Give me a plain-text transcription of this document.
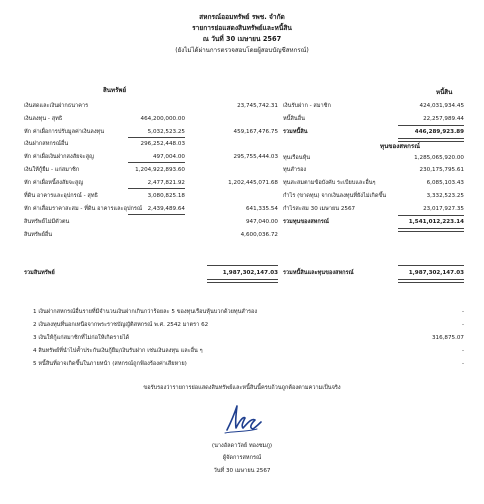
สหกรณ์ออมทรัพย์ รพช. จำกัด
รายการย่อแสดงสินทรัพย์และหนี้สิน
ณ วันที่ 30 เมษายน 2567
(ยังไม่ได้ผ่านการตรวจสอบโดยผู้สอบบัญชีสหกรณ์)
สินทรัพย์	หนี้สิน
เงินสดและเงินฝากธนาคาร	23,745,742.31
เงินลงทุน - สุทธิ	464,200,000.00
หัก ค่าเผื่อการปรับมูลค่าเงินลงทุน	5,032,523.25	459,167,476.75
เงินฝากสหกรณ์อื่น	296,252,448.03
หัก ค่าเผื่อเงินฝากสงสัยจะสูญ	497,004.00	295,755,444.03
เงินให้กู้ยืม - แก่สมาชิก	1,204,922,893.60
หัก ค่าเผื่อหนี้สงสัยจะสูญ	2,477,821.92	1,202,445,071.68
ที่ดิน อาคารและอุปกรณ์ - สุทธิ	3,080,825.18
หัก ค่าเสื่อมราคาสะสม - ที่ดิน อาคารและอุปกรณ์ 2,439,489.64	641,335.54
สินทรัพย์ไม่มีตัวตน	947,040.00
สินทรัพย์อื่น	4,600,036.72
เงินรับฝาก - สมาชิก	424,031,934.45
หนี้สินอื่น	22,257,989.44
รวมหนี้สิน	446,289,923.89
ทุนของสหกรณ์
ทุนเรือนหุ้น	1,285,065,920.00
ทุนสำรอง	230,175,795.61
ทุนสะสมตามข้อบังคับ ระเบียบและอื่นๆ	6,085,103.43
กำไร (ขาดทุน) จากเงินลงทุนที่ยังไม่เกิดขึ้น	3,332,523.25
กำไรสะสม 30 เมษายน 2567	23,017,927.35
รวมทุนของสหกรณ์	1,541,012,223.14
รวมสินทรัพย์	1,987,302,147.03 รวมหนี้สินและทุนของสหกรณ์	1,987,302,147.03
1 เงินฝากสหกรณ์อื่นรายที่มีจำนวนเงินฝากเกินกว่าร้อยละ 5 ของทุนเรือนหุ้นบวกด้วยทุนสำรอง	-
2 เงินลงทุนที่นอกเหนือจากพระราชบัญญัติสหกรณ์ พ.ศ. 2542 มาตรา 62	-
3 เงินให้กู้แก่สมาชิกที่ไม่ก่อให้เกิดรายได้	316,875.07
4 สินทรัพย์ที่นำไปค้ำประกันเงินกู้ยืม/เงินรับฝาก เช่นเงินลงทุน และอื่น ๆ	-
5 หนี้สินที่อาจเกิดขึ้นในภายหน้า (สหกรณ์ถูกฟ้องร้องค่าเสียหาย)	-
ขอรับรองว่ารายการย่อแสดงสินทรัพย์และหนี้สินนี้ครบถ้วนถูกต้องตามความเป็นจริง
(นางอัลดาวัลย์ ทองชมภู)
ผู้จัดการสหกรณ์
วันที่ 30 เมษายน 2567
